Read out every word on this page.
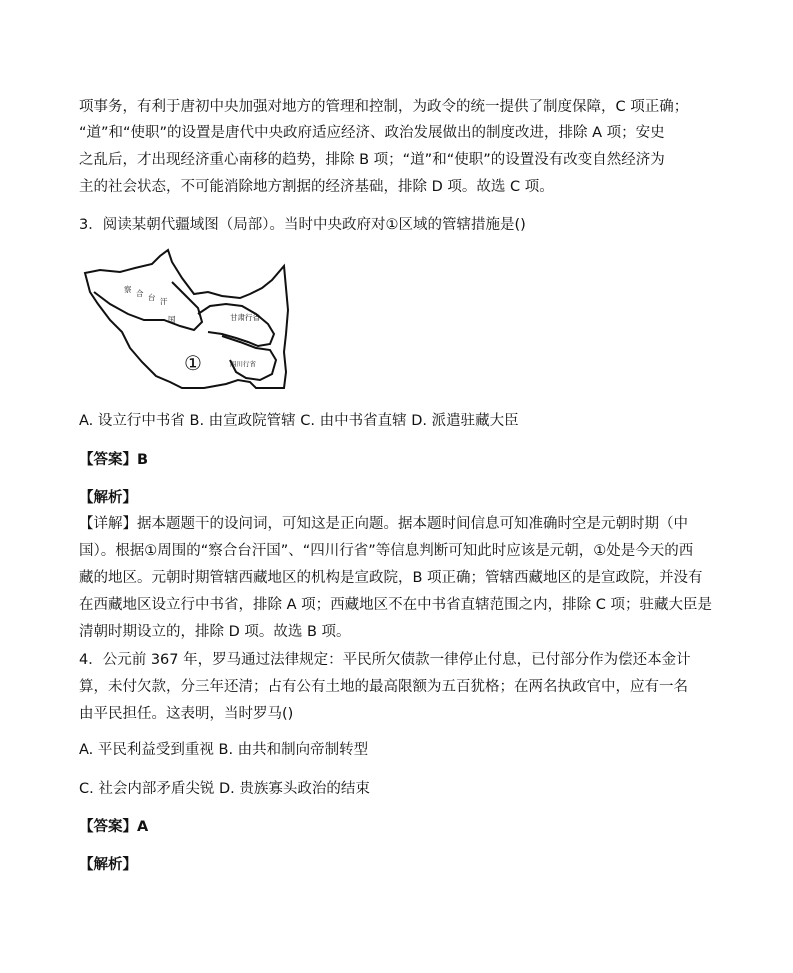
项事务，有利于唐初中央加强对地方的管理和控制，为政令的统一提供了制度保障，C 项正确；
“道”和“使职”的设置是唐代中央政府适应经济、政治发展做出的制度改进，排除 A 项；安史
之乱后，才出现经济重心南移的趋势，排除 B 项；“道”和“使职”的设置没有改变自然经济为
主的社会状态，不可能消除地方割据的经济基础，排除 D 项。故选 C 项。
3．阅读某朝代疆域图（局部）。当时中央政府对①区域的管辖措施是()
察 合 台 汗
国	甘肃行省
四川行省
①
A. 设立行中书省 B. 由宣政院管辖 C. 由中书省直辖 D. 派遣驻藏大臣
【答案】B
【解析】
【详解】据本题题干的设问词，可知这是正向题。据本题时间信息可知准确时空是元朝时期（中
国）。根据①周围的“察合台汗国”、“四川行省”等信息判断可知此时应该是元朝，①处是今天的西
藏的地区。元朝时期管辖西藏地区的机构是宣政院，B 项正确；管辖西藏地区的是宣政院，并没有
在西藏地区设立行中书省，排除 A 项；西藏地区不在中书省直辖范围之内，排除 C 项；驻藏大臣是
清朝时期设立的，排除 D 项。故选 B 项。
4．公元前 367 年，罗马通过法律规定：平民所欠债款一律停止付息，已付部分作为偿还本金计
算，未付欠款，分三年还清；占有公有土地的最高限额为五百犹格；在两名执政官中，应有一名
由平民担任。这表明，当时罗马()
A. 平民利益受到重视 B. 由共和制向帝制转型
C. 社会内部矛盾尖锐 D. 贵族寡头政治的结束
【答案】A
【解析】
